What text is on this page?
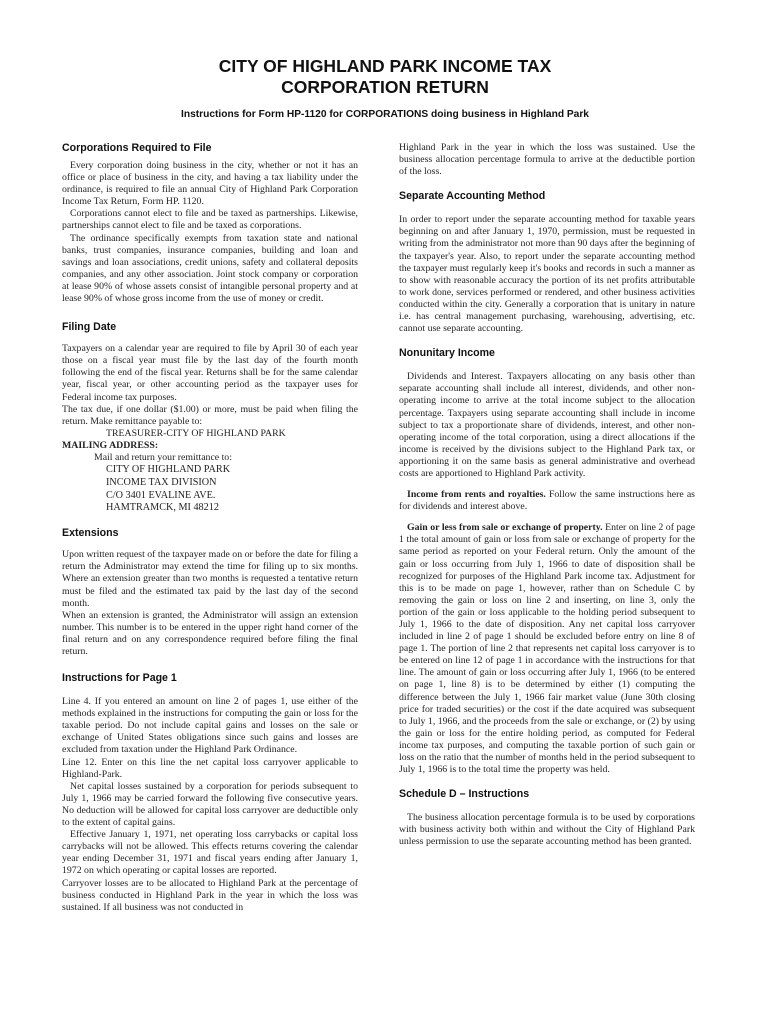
CITY OF HIGHLAND PARK INCOME TAX
CORPORATION RETURN
Instructions for Form HP-1120 for CORPORATIONS doing business in Highland Park
Corporations Required to File

Every corporation doing business in the city, whether or not it has an office or place of business in the city, and having a tax liability under the ordinance, is required to file an annual City of Highland Park Corporation Income Tax Return, Form HP. 1120.

Corporations cannot elect to file and be taxed as partnerships. Likewise, partnerships cannot elect to file and be taxed as corporations.

The ordinance specifically exempts from taxation state and national banks, trust companies, insurance companies, building and loan and savings and loan associations, credit unions, safety and collateral deposits companies, and any other association. Joint stock company or corporation at lease 90% of whose assets consist of intangible personal property and at lease 90% of whose gross income from the use of money or credit.

Filing Date

Taxpayers on a calendar year are required to file by April 30 of each year those on a fiscal year must file by the last day of the fourth month following the end of the fiscal year. Returns shall be for the same calendar year, fiscal year, or other accounting period as the taxpayer uses for Federal income tax purposes.

The tax due, if one dollar ($1.00) or more, must be paid when filing the return. Make remittance payable to:

TREASURER-CITY OF HIGHLAND PARK

MAILING ADDRESS:

Mail and return your remittance to:

CITY OF HIGHLAND PARK

INCOME TAX DIVISION

C/O 3401 EVALINE AVE.

HAMTRAMCK, MI 48212

Extensions

Upon written request of the taxpayer made on or before the date for filing a return the Administrator may extend the time for filing up to six months. Where an extension greater than two months is requested a tentative return must be filed and the estimated tax paid by the last day of the second month.

When an extension is granted, the Administrator will assign an extension number. This number is to be entered in the upper right hand corner of the final return and on any correspondence required before filing the final return.

Instructions for Page 1

Line 4. If you entered an amount on line 2 of pages 1, use either of the methods explained in the instructions for computing the gain or loss for the taxable period. Do not include capital gains and losses on the sale or exchange of United States obligations since such gains and losses are excluded from taxation under the Highland Park Ordinance.

Line 12. Enter on this line the net capital loss carryover applicable to Highland-Park.

Net capital losses sustained by a corporation for periods subsequent to July 1, 1966 may be carried forward the following five consecutive years. No deduction will be allowed for capital loss carryover are deductible only to the extent of capital gains.

Effective January 1, 1971, net operating loss carrybacks or capital loss carrybacks will not be allowed. This effects returns covering the calendar year ending December 31, 1971 and fiscal years ending after January 1, 1972 on which operating or capital losses are reported.

Carryover losses are to be allocated to Highland Park at the percentage of business conducted in Highland Park in the year in which the loss was sustained. If all business was not conducted in

Highland Park in the year in which the loss was sustained. Use the business allocation percentage formula to arrive at the deductible portion of the loss.

Separate Accounting Method

In order to report under the separate accounting method for taxable years beginning on and after January 1, 1970, permission, must be requested in writing from the administrator not more than 90 days after the beginning of the taxpayer's year. Also, to report under the separate accounting method the taxpayer must regularly keep it's books and records in such a manner as to show with reasonable accuracy the portion of its net profits attributable to work done, services performed or rendered, and other business activities conducted within the city. Generally a corporation that is unitary in nature i.e. has central management purchasing, warehousing, advertising, etc. cannot use separate accounting.

Nonunitary Income

Dividends and Interest. Taxpayers allocating on any basis other than separate accounting shall include all interest, dividends, and other non-operating income to arrive at the total income subject to the allocation percentage. Taxpayers using separate accounting shall include in income subject to tax a proportionate share of dividends, interest, and other non-operating income of the total corporation, using a direct allocations if the income is received by the divisions subject to the Highland Park tax, or apportioning it on the same basis as general administrative and overhead costs are apportioned to Highland Park activity.

Income from rents and royalties. Follow the same instructions here as for dividends and interest above.

Gain or less from sale or exchange of property. Enter on line 2 of page 1 the total amount of gain or loss from sale or exchange of property for the same period as reported on your Federal return. Only the amount of the gain or loss occurring from July 1, 1966 to date of disposition shall be recognized for purposes of the Highland Park income tax. Adjustment for this is to be made on page 1, however, rather than on Schedule C by removing the gain or loss on line 2 and inserting, on line 3, only the portion of the gain or loss applicable to the holding period subsequent to July 1, 1966 to the date of disposition. Any net capital loss carryover included in line 2 of page 1 should be excluded before entry on line 8 of page 1. The portion of line 2 that represents net capital loss carryover is to be entered on line 12 of page 1 in accordance with the instructions for that line. The amount of gain or loss occurring after July 1, 1966 (to be entered on page 1, line 8) is to be determined by either (1) computing the difference between the July 1, 1966 fair market value (June 30th closing price for traded securities) or the cost if the date acquired was subsequent to July 1, 1966, and the proceeds from the sale or exchange, or (2) by using the gain or loss for the entire holding period, as computed for Federal income tax purposes, and computing the taxable portion of such gain or loss on the ratio that the number of months held in the period subsequent to July 1, 1966 is to the total time the property was held.

Schedule D – Instructions

The business allocation percentage formula is to be used by corporations with business activity both within and without the City of Highland Park unless permission to use the separate accounting method has been granted.
